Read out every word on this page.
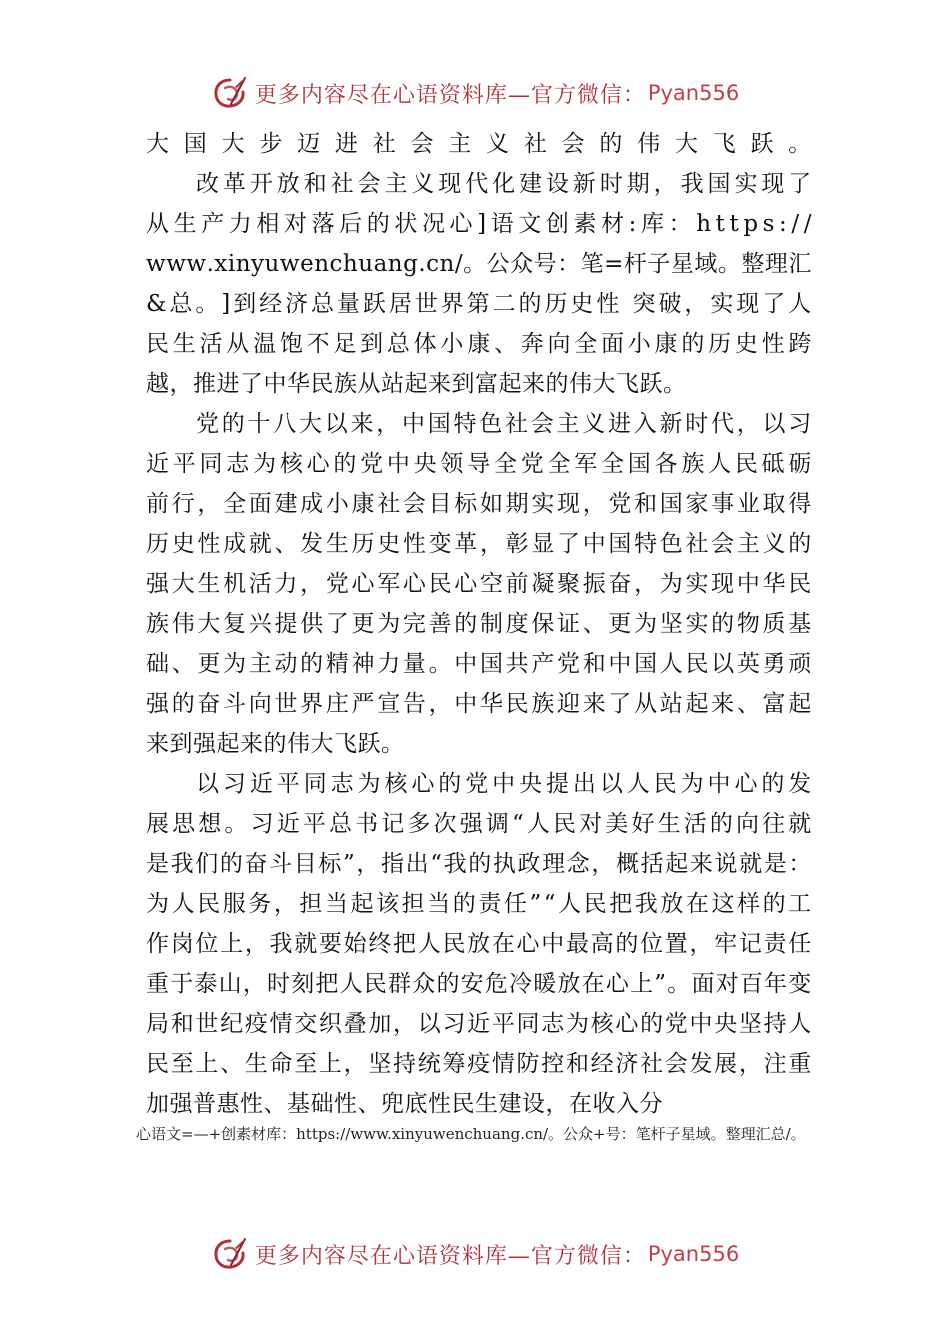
更多内容尽在心语资料库—官方微信： Pyan556
大 国 大 步 迈 进 社 会 主 义 社 会 的 伟 大 飞 跃 。
改 革 开 放 和 社 会 主 义 现 代 化 建 设 新 时 期 ， 我 国 实 现 了
从 生 产 力 相 对 落 后 的 状 况 心 ] 语 文 创 素 材 : 库 ： h t t p s : / /
w w w . x i n y u w e n c h u a n g . c n / 。 公 众 号 ： 笔 = 杆 子 星 域 。 整 理 汇
& 总 。 ] 到 经 济 总 量 跃 居 世 界 第 二 的 历 史 性
突 破 ， 实 现 了 人
民 生 活 从 温 饱 不 足 到 总 体 小 康 、 奔 向 全 面 小 康 的 历 史 性 跨
越，推进了中华民族从站起来到富起来的伟大飞跃。
党 的 十 八 大 以 来 ， 中 国 特 色 社 会 主 义 进 入 新 时 代 ， 以 习
近 平 同 志 为 核 心 的 党 中 央 领 导 全 党 全 军 全 国 各 族 人 民 砥 砺
前 行 ， 全 面 建 成 小 康 社 会 目 标 如 期 实 现 ， 党 和 国 家 事 业 取 得
历 史 性 成 就 、 发 生 历 史 性 变 革 ， 彰 显 了 中 国 特 色 社 会 主 义 的
强 大 生 机 活 力 ， 党 心 军 心 民 心 空 前 凝 聚 振 奋 ， 为 实 现 中 华 民
族 伟 大 复 兴 提 供 了 更 为 完 善 的 制 度 保 证 、 更 为 坚 实 的 物 质 基
础 、 更 为 主 动 的 精 神 力 量 。 中 国 共 产 党 和 中 国 人 民 以 英 勇 顽
强 的 奋 斗 向 世 界 庄 严 宣 告 ， 中 华 民 族 迎 来 了 从 站 起 来 、 富 起
来到强起来的伟大飞跃。
以 习 近 平 同 志 为 核 心 的 党 中 央 提 出 以 人 民 为 中 心 的 发
展 思 想 。 习 近 平 总 书 记 多 次 强 调 “ 人 民 对 美 好 生 活 的 向 往 就
是 我 们 的 奋 斗 目 标 ” ， 指 出 “ 我 的 执 政 理 念 ， 概 括 起 来 说 就 是 ：
为 人 民 服 务 ， 担 当 起 该 担 当 的 责 任 ” “ 人 民 把 我 放 在 这 样 的 工
作 岗 位 上 ， 我 就 要 始 终 把 人 民 放 在 心 中 最 高 的 位 置 ， 牢 记 责 任
重 于 泰 山 ， 时 刻 把 人 民 群 众 的 安 危 冷 暖 放 在 心 上 ” 。 面 对 百 年 变
局 和 世 纪 疫 情 交 织 叠 加 ， 以 习 近 平 同 志 为 核 心 的 党 中 央 坚 持 人
民 至 上 、 生 命 至 上 ， 坚 持 统 筹 疫 情 防 控 和 经 济 社 会 发 展 ， 注 重
加强普惠性、基础性、兜底性民生建设，在收入分
心语文=—+创素材库：https://www.xinyuwenchuang.cn/。公众+号：笔杆子星域。整理汇总/。
更多内容尽在心语资料库—官方微信： Pyan556
